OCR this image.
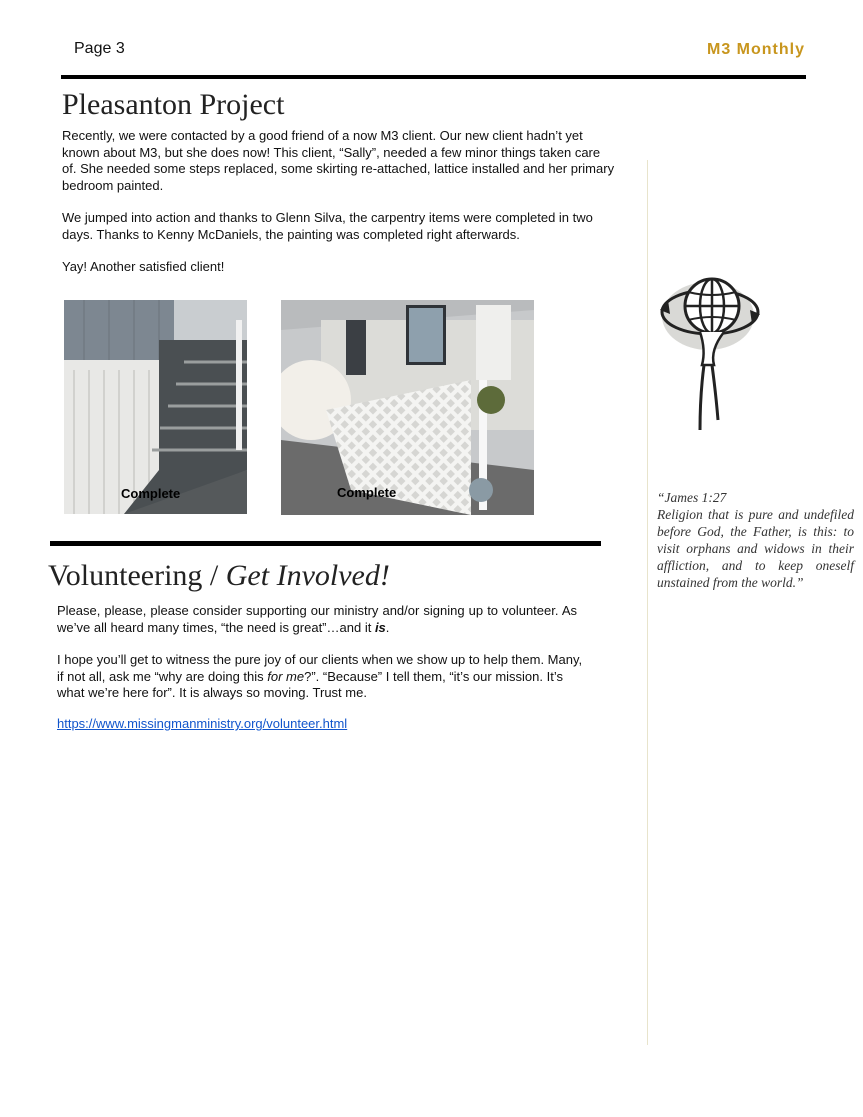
Page 3	M3 Monthly
Pleasanton Project
Recently, we were contacted by a good friend of a now M3 client. Our new client hadn’t yet known about M3, but she does now! This client, “Sally”, needed a few minor things taken care of. She needed some steps replaced, some skirting re-attached, lattice installed and her primary bedroom painted.
We jumped into action and thanks to Glenn Silva, the carpentry items were completed in two days. Thanks to Kenny McDaniels, the painting was completed right afterwards.
Yay! Another satisfied client!
Complete	Complete
Volunteering / Get Involved!
Please, please, please consider supporting our ministry and/or signing up to volunteer. As we’ve all heard many times, “the need is great”…and it is.
I hope you’ll get to witness the pure joy of our clients when we show up to help them. Many, if not all, ask me “why are doing this for me?”. “Because” I tell them, “it’s our mission. It’s what we’re here for”. It is always so moving. Trust me.
https://www.missingmanministry.org/volunteer.html
“James 1:27
Religion that is pure and undefiled before God, the Father, is this: to visit orphans and widows in their affliction, and to keep oneself unstained from the world.”
